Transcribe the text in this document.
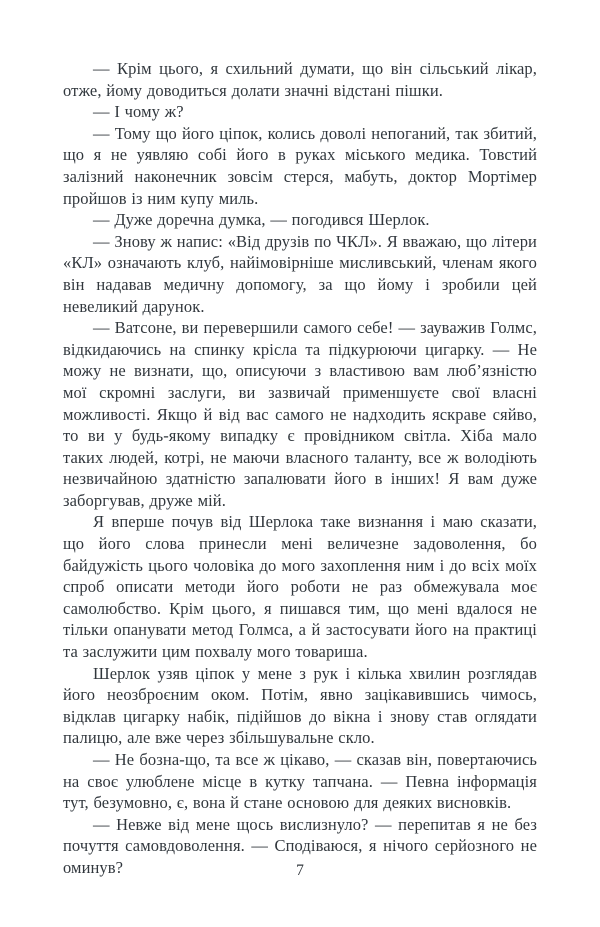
— Крім цього, я схильний думати, що він сільський лікар, отже, йому доводиться долати значні відстані пішки.

— І чому ж?

— Тому що його ціпок, колись доволі непоганий, так збитий, що я не уявляю собі його в руках міського медика. Товстий залізний наконечник зовсім стерся, мабуть, доктор Мортімер пройшов із ним купу миль.

— Дуже доречна думка, — погодився Шерлок.

— Знову ж напис: «Від друзів по ЧКЛ». Я вважаю, що літери «КЛ» означають клуб, найімовірніше мисливський, членам якого він надавав медичну допомогу, за що йому і зробили цей невеликий дарунок.

— Ватсоне, ви перевершили самого себе! — зауважив Голмс, відкидаючись на спинку крісла та підкурюючи цигарку. — Не можу не визнати, що, описуючи з властивою вам люб’язністю мої скромні заслуги, ви зазвичай применшуєте свої власні можливості. Якщо й від вас самого не надходить яскраве сяйво, то ви у будь-якому випадку є провідником світла. Хіба мало таких людей, котрі, не маючи власного таланту, все ж володіють незвичайною здатністю запалювати його в інших! Я вам дуже заборгував, друже мій.

Я вперше почув від Шерлока таке визнання і маю сказати, що його слова принесли мені величезне задоволення, бо байдужість цього чоловіка до мого захоплення ним і до всіх моїх спроб описати методи його роботи не раз обмежувала моє самолюбство. Крім цього, я пишався тим, що мені вдалося не тільки опанувати метод Голмса, а й застосувати його на практиці та заслужити цим похвалу мого товариша.

Шерлок узяв ціпок у мене з рук і кілька хвилин розглядав його неозброєним оком. Потім, явно зацікавившись чимось, відклав цигарку набік, підійшов до вікна і знову став оглядати палицю, але вже через збільшувальне скло.

— Не бозна-що, та все ж цікаво, — сказав він, повертаючись на своє улюблене місце в кутку тапчана. — Певна інформація тут, безумовно, є, вона й стане основою для деяких висновків.

— Невже від мене щось вислизнуло? — перепитав я не без почуття самовдоволення. — Сподіваюся, я нічого серйозного не оминув?	7
